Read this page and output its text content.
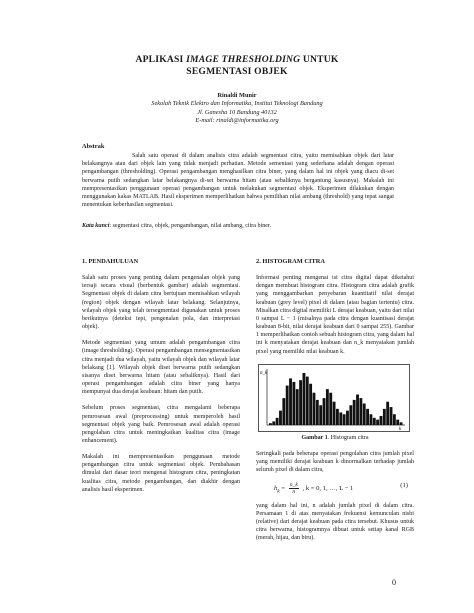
APLIKASI IMAGE THRESHOLDING UNTUK
SEGMENTASI OBJEK
Rinaldi Munir
Sekolah Teknik Elektro dan Informatika, Institut Teknologi Bandung
Jl. Ganesha 10 Bandung 40132
E-mail: rinaldi@informatika.org
Abstrak

Salah satu operasi di dalam analisis citra adalah segmentasi citra, yaitu memisahkan objek dari latar belakangnya atau dari objek lain yang tidak menjadi perhatian. Metode sementasi yang sederhana adalah dengan operasi pengambangan (thresholding). Operasi pengambangan menghasilkan citra biner, yang dalam hal ini objek yang diacu di-set berwarna putih sedangkan latar belakangnya di-set berwarna hitam (atau sebaliknya bergantung kasusnya). Makalah ini mempresentasikan penggunaan operasi pengambangan untuk melakukan segmentasi objek. Eksperimen dilakukan dengan menggunakan kakas MATLAB. Hasil eksperimen memperlihatkan bahwa pemilihan nilai ambang (threshold) yang tepat sangat menentukan keberhasilan segmentasi.

Kata kunci: segmentasi citra, objek, pengambangan, nilai ambang, citra biner.
1. PENDAHULUAN

Salah satu proses yang penting dalam pengenalan objek yang tersaji secara visual (berbentuk gambar) adalah segmentasi. Segmentasi objek di dalam citra bertujuan memisahkan wilayah (region) objek dengan wilayah latar belakang. Selanjutnya, wilayah objek yang telah tersegmentasi digunakan untuk proses berikutnya (deteksi tepi, pengenalan pola, dan interpretasi objek).

Metode segmentasi yang umum adalah pengambangan citra (image thresholding). Operasi pengambangan mensegmentasikan citra menjadi dua wilayah, yaitu wilayah objek dan wilayah latar belakang [1]. Wilayah objek diset berwarna putih sedangkan sisanya diset berwarna hitam (atau sebaliknya). Hasil dari operasi pengambangan adalah citra biner yang hanya mempunyai dua derajat keabuan: hitam dan putih.

Sebelum proses segmentasi, citra mengalami beberapa pemrosesan awal (preprocessing) untuk memperoleh hasil segmentasi objek yang baik. Pemrosesan awal adalah operasi pengolahan citra untuk meningkatkan kualitas citra (image enhancement).

Makalah ini mempresentasikan penggunaan metode pengambangan citra untuk segmentasi objek. Pembahasan dimulai dari dasar teori mengenai histogram citra, peningkatan kualitas citra, metode pengambangan, dan diakhir dengan analisis hasil eksperimen.

2. HISTOGRAM CITRA

Informasi penting mengenai isi citra digital dapat diketahui dengan membuat histogram citra. Histogram citra adalah grafik yang menggambarkan penyebaran kuantitatif nilai derajat keabuan (grey level) pixel di dalam (atau bagian tertentu) citra. Misalkan citra digital memiliki L derajat keabuan, yaitu dari nilai 0 sampai L − 1 (misalnya pada citra dengan kuantisasi derajat keabuan 8-bit, nilai derajat keabuan dari 0 sampai 255). Gambar 1 memperlihatkan contoh sebuah histogram citra, yang dalam hal ini k menyatakan derajat keabuan dan n_k menyatakan jumlah pixel yang memiliki nilai keabuan k.

n_k
k
Gambar 1. Histogram citra

Seringkali pada beberapa operasi pengolahan citra jumlah pixel yang memiliki derajat keabuan k dinormalkan terhadap jumlah seluruh pixel di dalam citra,

$h_k = \frac{n\_k}{n}$ , k = 0, 1, …, L − 1	(1)

yang dalam hal ini, n adalah jumlah pixel di dalam citra. Persamaan 1 di atas menyatakan frekuensi kemunculan nisbi (relative) dari derajat keabuan pada citra tersebut. Khusus untuk citra berwarna, histogramnya dibuat untuk setiap kanal RGB (merah, hijau, dan biru).

0
